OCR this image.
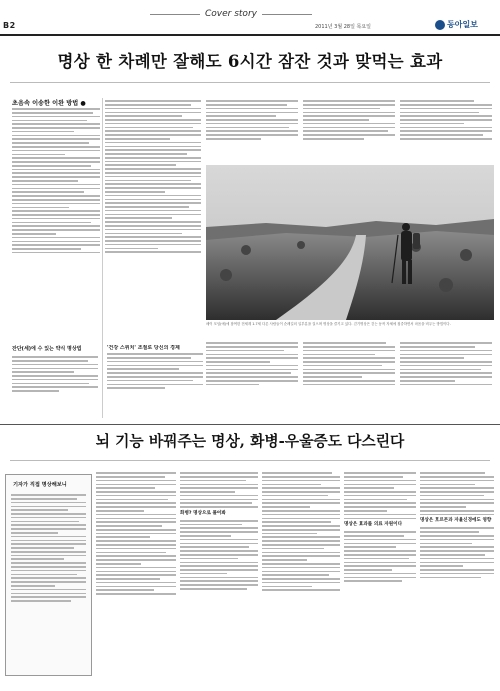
B2
Cover story
2011년 3월 28일 목요일	동아일보
명상 한 차례만 잘해도 6시간 잠잔 것과 맞먹는 효과
초음속 이송한 이완 방법 ●
메이 모임(예)에 참여한 전세계 1.7세 다른 사람들이 순례길의 일부분을 걸으며 명상을 즐기고 있다. 걷기명상은 걷는 동작 자체에 집중하면서 마음을 비우는 방법이다.
'건강 스위치' 조절로 당신의 경제
잔단(세)에 수 있는 약식 명상법
뇌 기능 바꿔주는 명상, 화병-우울증도 다스린다
기자가 직접 명상해보니
화병? 명상으로 풀어봐
명상은 효과를 의료 자원이다
명상은 호르몬과 자율신경에도 영향
